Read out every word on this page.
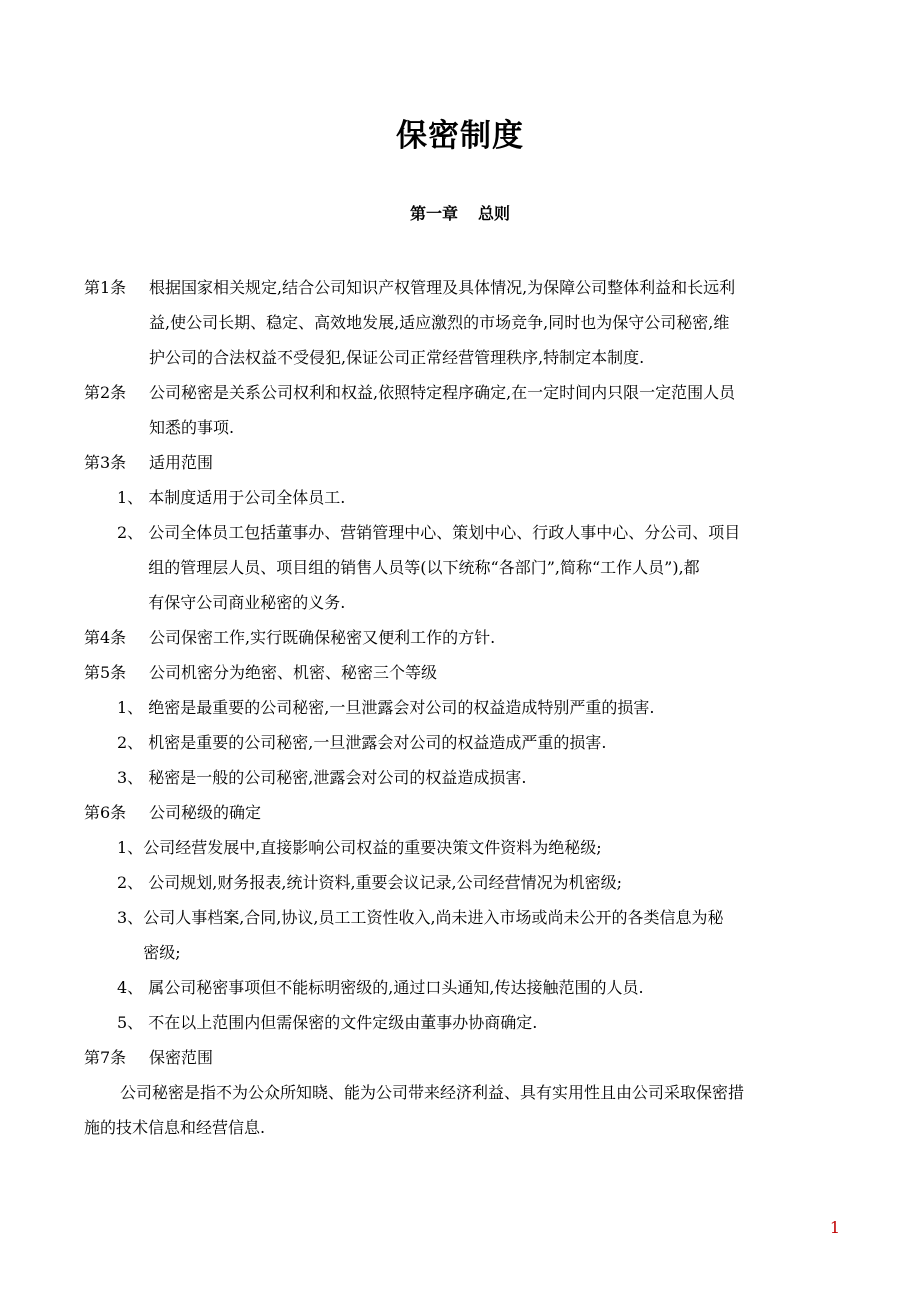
保密制度
第一章 总则
第1条	根据国家相关规定,结合公司知识产权管理及具体情况,为保障公司整体利益和长远利
益,使公司长期、稳定、高效地发展,适应激烈的市场竞争,同时也为保守公司秘密,维
护公司的合法权益不受侵犯,保证公司正常经营管理秩序,特制定本制度.
第2条	公司秘密是关系公司权利和权益,依照特定程序确定,在一定时间内只限一定范围人员
知悉的事项.
第3条	适用范围
1、 本制度适用于公司全体员工.
2、 公司全体员工包括董事办、营销管理中心、策划中心、行政人事中心、分公司、项目
组的管理层人员、项目组的销售人员等(以下统称“各部门”,简称“工作人员”),都
有保守公司商业秘密的义务.
第4条	公司保密工作,实行既确保秘密又便利工作的方针.
第5条	公司机密分为绝密、机密、秘密三个等级
1、 绝密是最重要的公司秘密,一旦泄露会对公司的权益造成特别严重的损害.
2、 机密是重要的公司秘密,一旦泄露会对公司的权益造成严重的损害.
3、 秘密是一般的公司秘密,泄露会对公司的权益造成损害.
第6条	公司秘级的确定
1、 公司经营发展中,直接影响公司权益的重要决策文件资料为绝秘级;
2、 公司规划,财务报表,统计资料,重要会议记录,公司经营情况为机密级;
3、 公司人事档案,合同,协议,员工工资性收入,尚未进入市场或尚未公开的各类信息为秘
密级;
4、 属公司秘密事项但不能标明密级的,通过口头通知,传达接触范围的人员.
5、 不在以上范围内但需保密的文件定级由董事办协商确定.
第7条	保密范围
公司秘密是指不为公众所知晓、能为公司带来经济利益、具有实用性且由公司采取保密措
施的技术信息和经营信息.
1
